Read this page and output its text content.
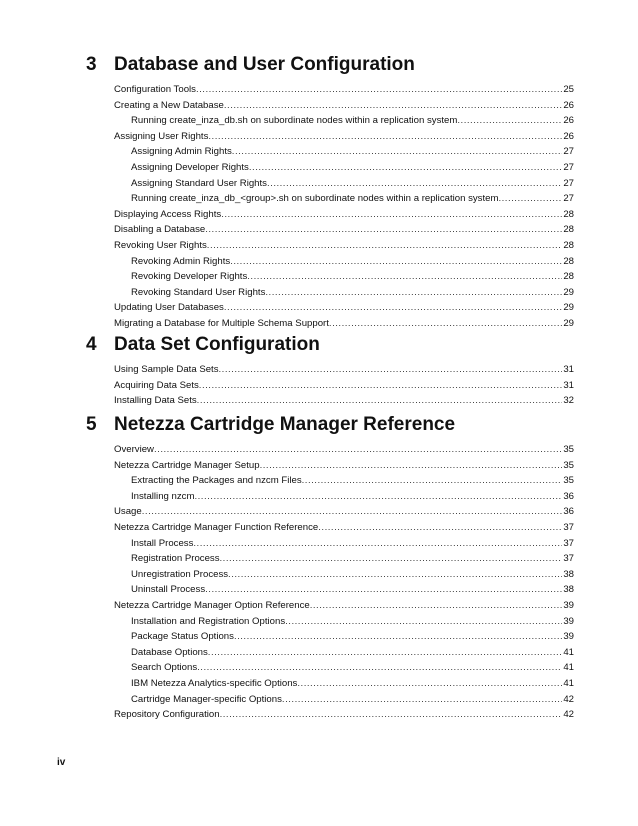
3 Database and User Configuration
Configuration Tools .....	25
Creating a New Database .....	26
Running create_inza_db.sh on subordinate nodes within a replication system .....	26
Assigning User Rights .....	26
Assigning Admin Rights .....	27
Assigning Developer Rights .....	27
Assigning Standard User Rights .....	27
Running create_inza_db_<group>.sh on subordinate nodes within a replication system .....	27
Displaying Access Rights .....	28
Disabling a Database .....	28
Revoking User Rights .....	28
Revoking Admin Rights .....	28
Revoking Developer Rights .....	28
Revoking Standard User Rights .....	29
Updating User Databases .....	29
Migrating a Database for Multiple Schema Support .....	29
4 Data Set Configuration
Using Sample Data Sets .....	31
Acquiring Data Sets .....	31
Installing Data Sets .....	32
5 Netezza Cartridge Manager Reference
Overview .....	35
Netezza Cartridge Manager Setup .....	35
Extracting the Packages and nzcm Files .....	35
Installing nzcm .....	36
Usage .....	36
Netezza Cartridge Manager Function Reference .....	37
Install Process .....	37
Registration Process .....	37
Unregistration Process .....	38
Uninstall Process .....	38
Netezza Cartridge Manager Option Reference .....	39
Installation and Registration Options .....	39
Package Status Options .....	39
Database Options .....	41
Search Options .....	41
IBM Netezza Analytics-specific Options .....	41
Cartridge Manager-specific Options .....	42
Repository Configuration .....	42
iv
